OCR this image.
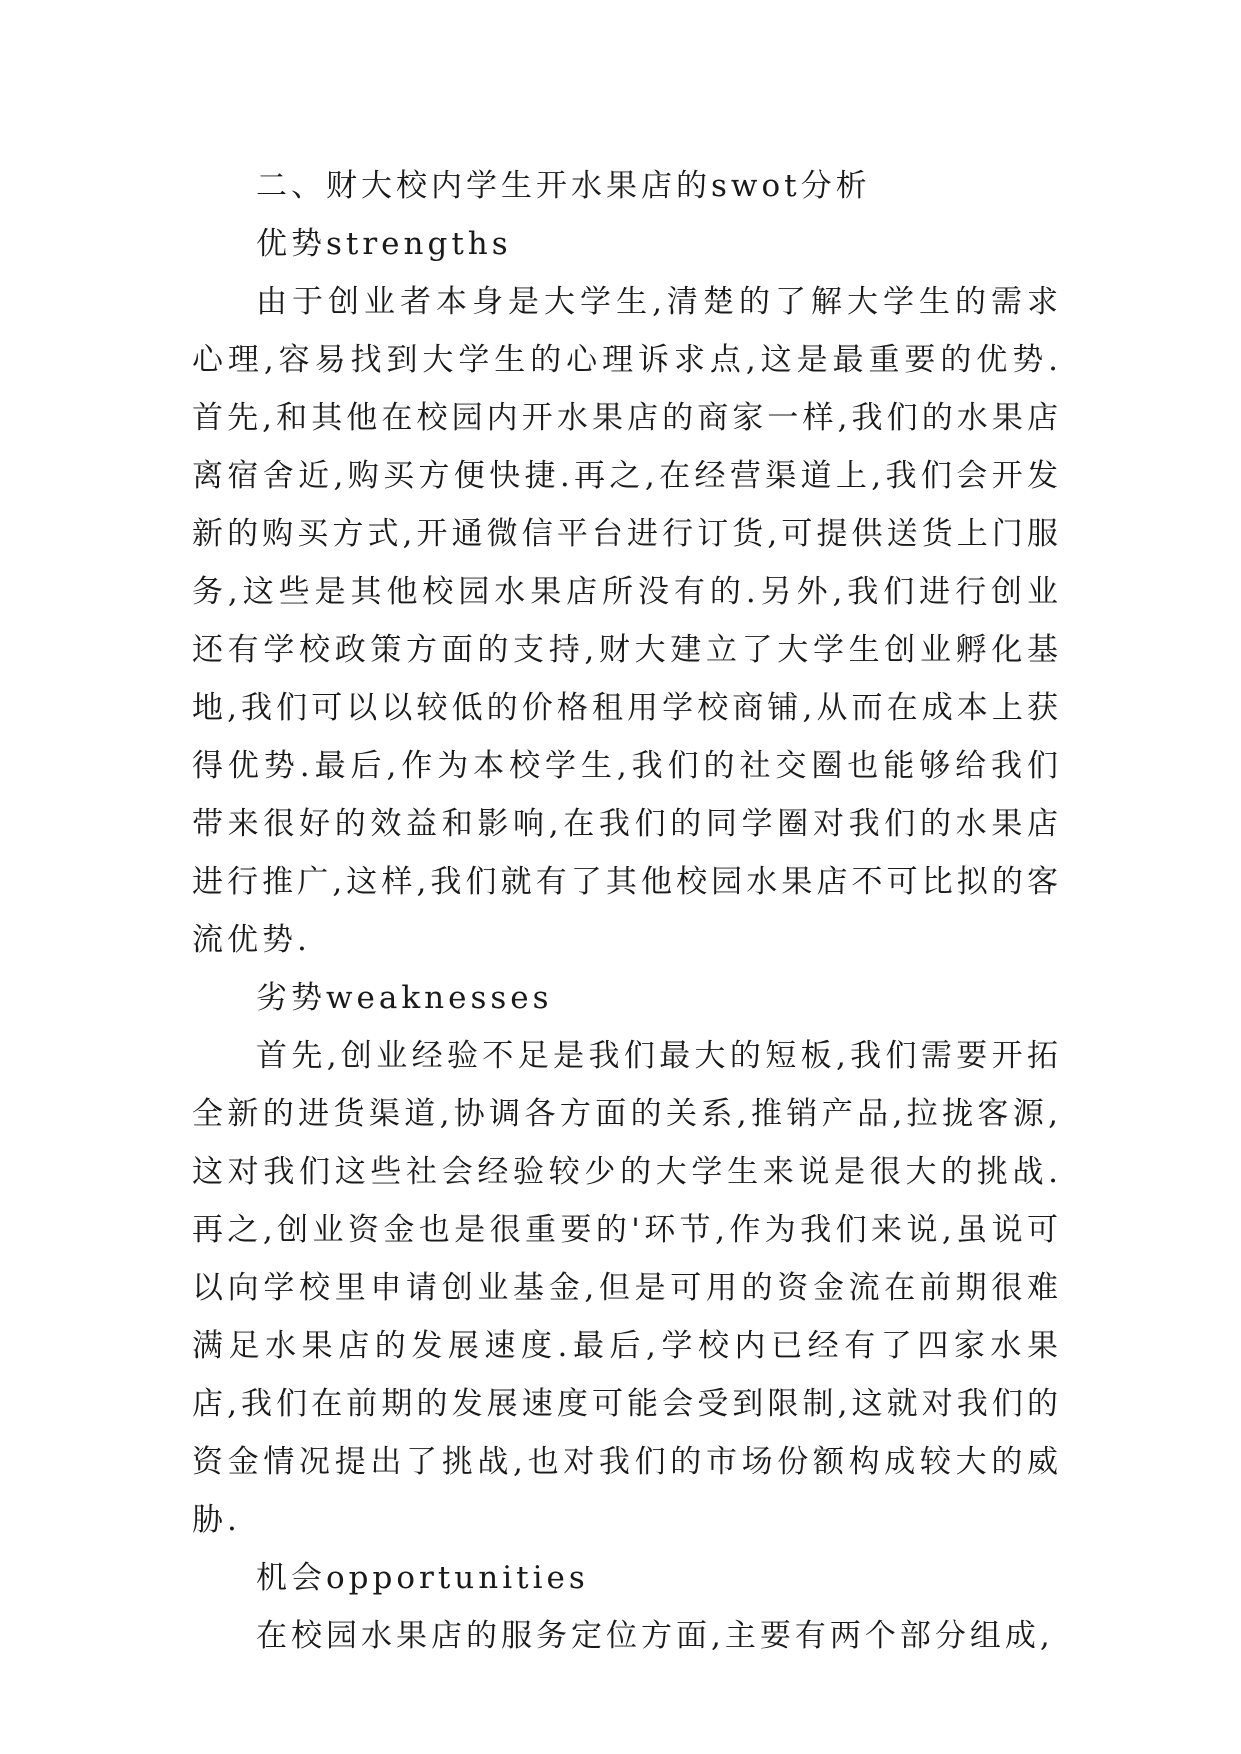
二、财大校内学生开水果店的swot分析

优势strengths

由于创业者本身是大学生,清楚的了解大学生的需求心理,容易找到大学生的心理诉求点,这是最重要的优势.首先,和其他在校园内开水果店的商家一样,我们的水果店离宿舍近,购买方便快捷.再之,在经营渠道上,我们会开发新的购买方式,开通微信平台进行订货,可提供送货上门服务,这些是其他校园水果店所没有的.另外,我们进行创业还有学校政策方面的支持,财大建立了大学生创业孵化基地,我们可以以较低的价格租用学校商铺,从而在成本上获得优势.最后,作为本校学生,我们的社交圈也能够给我们带来很好的效益和影响,在我们的同学圈对我们的水果店进行推广,这样,我们就有了其他校园水果店不可比拟的客流优势.

劣势weaknesses

首先,创业经验不足是我们最大的短板,我们需要开拓全新的进货渠道,协调各方面的关系,推销产品,拉拢客源,这对我们这些社会经验较少的大学生来说是很大的挑战.再之,创业资金也是很重要的'环节,作为我们来说,虽说可以向学校里申请创业基金,但是可用的资金流在前期很难满足水果店的发展速度.最后,学校内已经有了四家水果店,我们在前期的发展速度可能会受到限制,这就对我们的资金情况提出了挑战,也对我们的市场份额构成较大的威胁.

机会opportunities

在校园水果店的服务定位方面,主要有两个部分组成,
